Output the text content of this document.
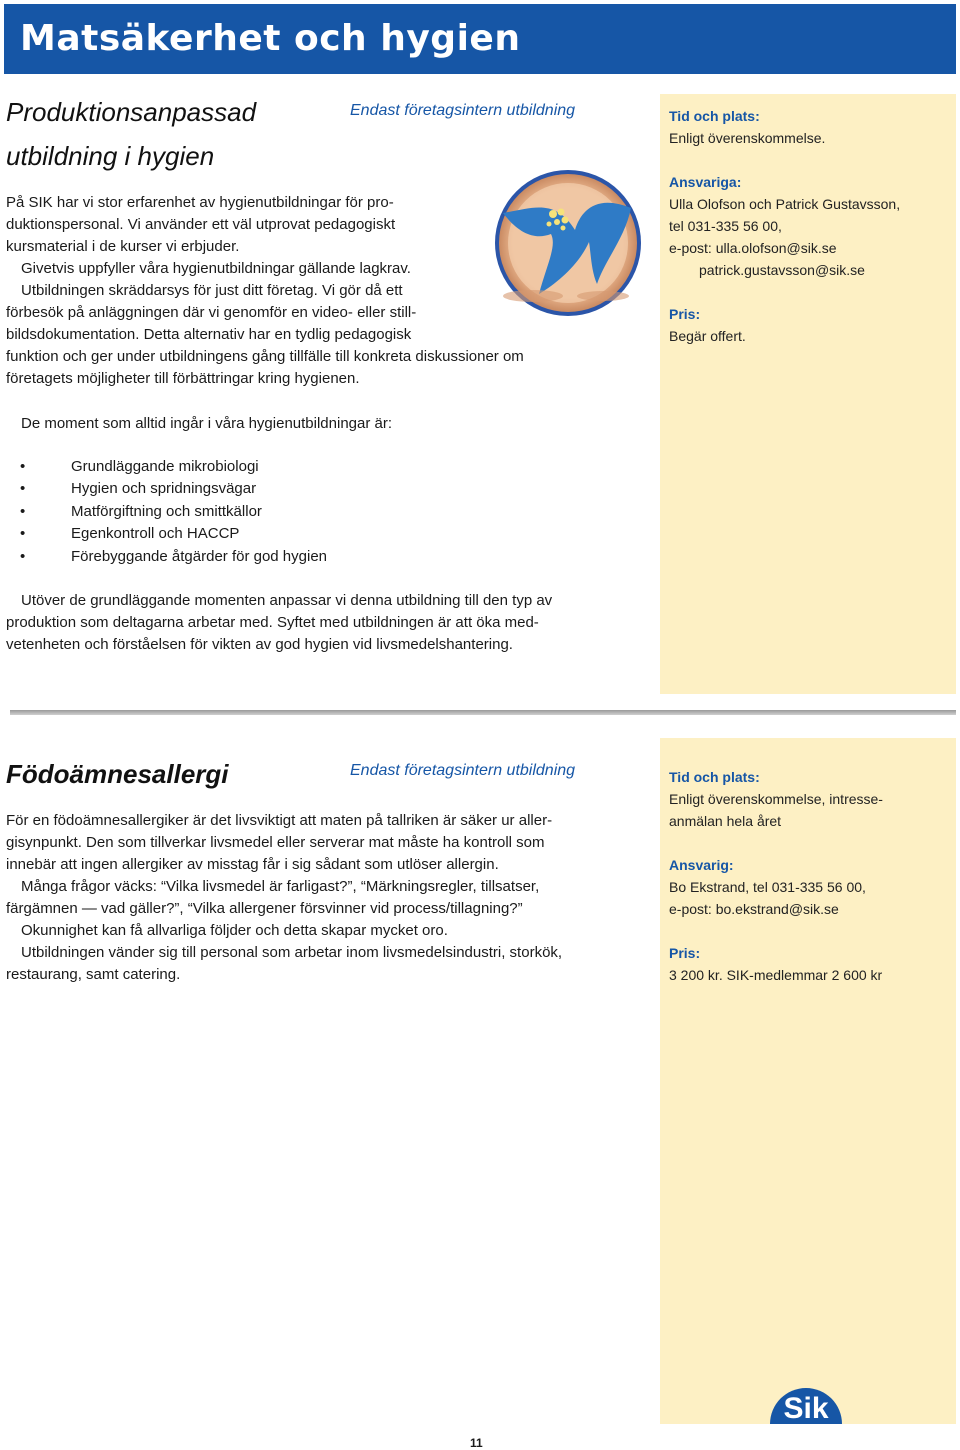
Matsäkerhet och hygien
Tid och plats:
Enligt överenskommelse.
Ansvariga:
Ulla Olofson och Patrick Gustavsson,
tel 031-335 56 00,
e-post: ulla.olofson@sik.se
patrick.gustavsson@sik.se
Pris:
Begär offert.
Tid och plats:
Enligt överenskommelse, intresse-
anmälan hela året
Ansvarig:
Bo Ekstrand, tel 031-335 56 00,
e-post: bo.ekstrand@sik.se
Pris:
3 200 kr. SIK-medlemmar 2 600 kr
Produktionsanpassad
utbildning i hygien
Endast företagsintern utbildning
På SIK har vi stor erfarenhet av hygienutbildningar för pro-
duktionspersonal. Vi använder ett väl utprovat pedagogiskt
kursmaterial i de kurser vi erbjuder.
Givetvis uppfyller våra hygienutbildningar gällande lagkrav.
Utbildningen skräddarsys för just ditt företag. Vi gör då ett
förbesök på anläggningen där vi genomför en video- eller still-
bildsdokumentation. Detta alternativ har en tydlig pedagogisk
funktion och ger under utbildningens gång tillfälle till konkreta diskussioner om
företagets möjligheter till förbättringar kring hygienen.
De moment som alltid ingår i våra hygienutbildningar är:
•	Grundläggande mikrobiologi
•	Hygien och spridningsvägar
•	Matförgiftning och smittkällor
•	Egenkontroll och HACCP
•	Förebyggande åtgärder för god hygien
Utöver de grundläggande momenten anpassar vi denna utbildning till den typ av
produktion som deltagarna arbetar med. Syftet med utbildningen är att öka med-
vetenheten och förståelsen för vikten av god hygien vid livsmedelshantering.
Födoämnesallergi	Endast företagsintern utbildning
För en födoämnesallergiker är det livsviktigt att maten på tallriken är säker ur aller-
gisynpunkt. Den som tillverkar livsmedel eller serverar mat måste ha kontroll som
innebär att ingen allergiker av misstag får i sig sådant som utlöser allergin.
Många frågor väcks: “Vilka livsmedel är farligast?”, “Märkningsregler, tillsatser,
färgämnen — vad gäller?”, “Vilka allergener försvinner vid process/tillagning?”
Okunnighet kan få allvarliga följder och detta skapar mycket oro.
Utbildningen vänder sig till personal som arbetar inom livsmedelsindustri, storkök,
restaurang, samt catering.
Sik
11
